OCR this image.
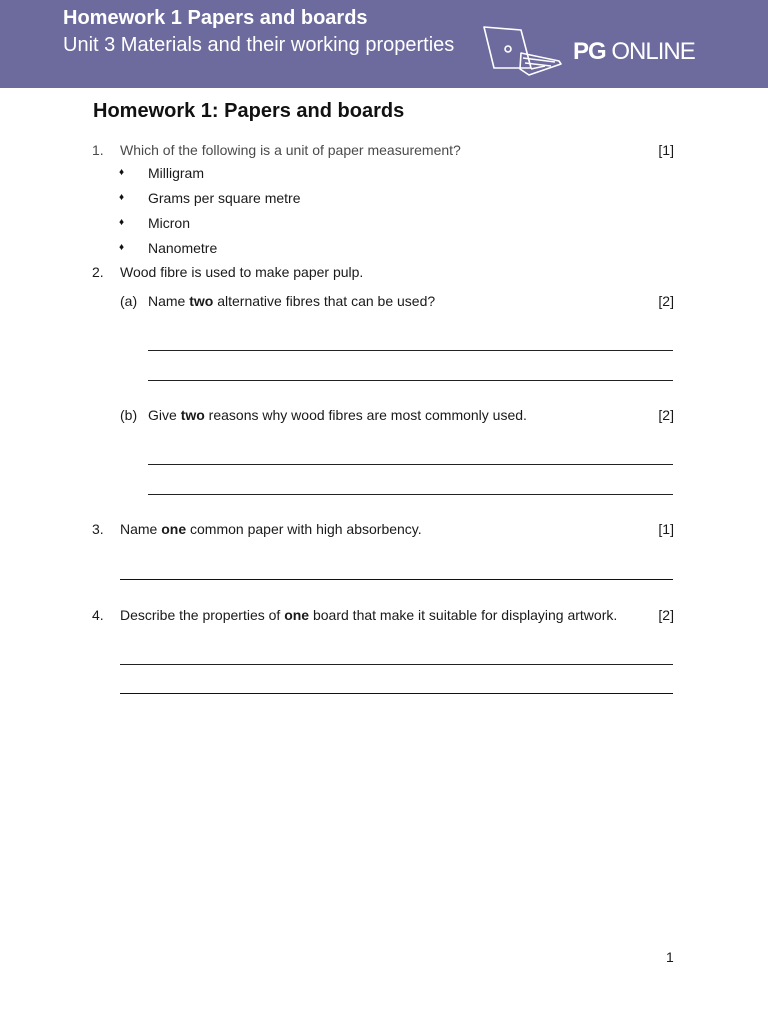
Homework 1 Papers and boards
Unit 3 Materials and their working properties	PG ONLINE
Homework 1: Papers and boards
1. Which of the following is a unit of paper measurement?	[1]
♦ Milligram
♦ Grams per square metre
♦ Micron
♦ Nanometre
2. Wood fibre is used to make paper pulp.
(a) Name two alternative fibres that can be used?	[2]
(b) Give two reasons why wood fibres are most commonly used.	[2]
3. Name one common paper with high absorbency.	[1]
4. Describe the properties of one board that make it suitable for displaying artwork.	[2]
1
